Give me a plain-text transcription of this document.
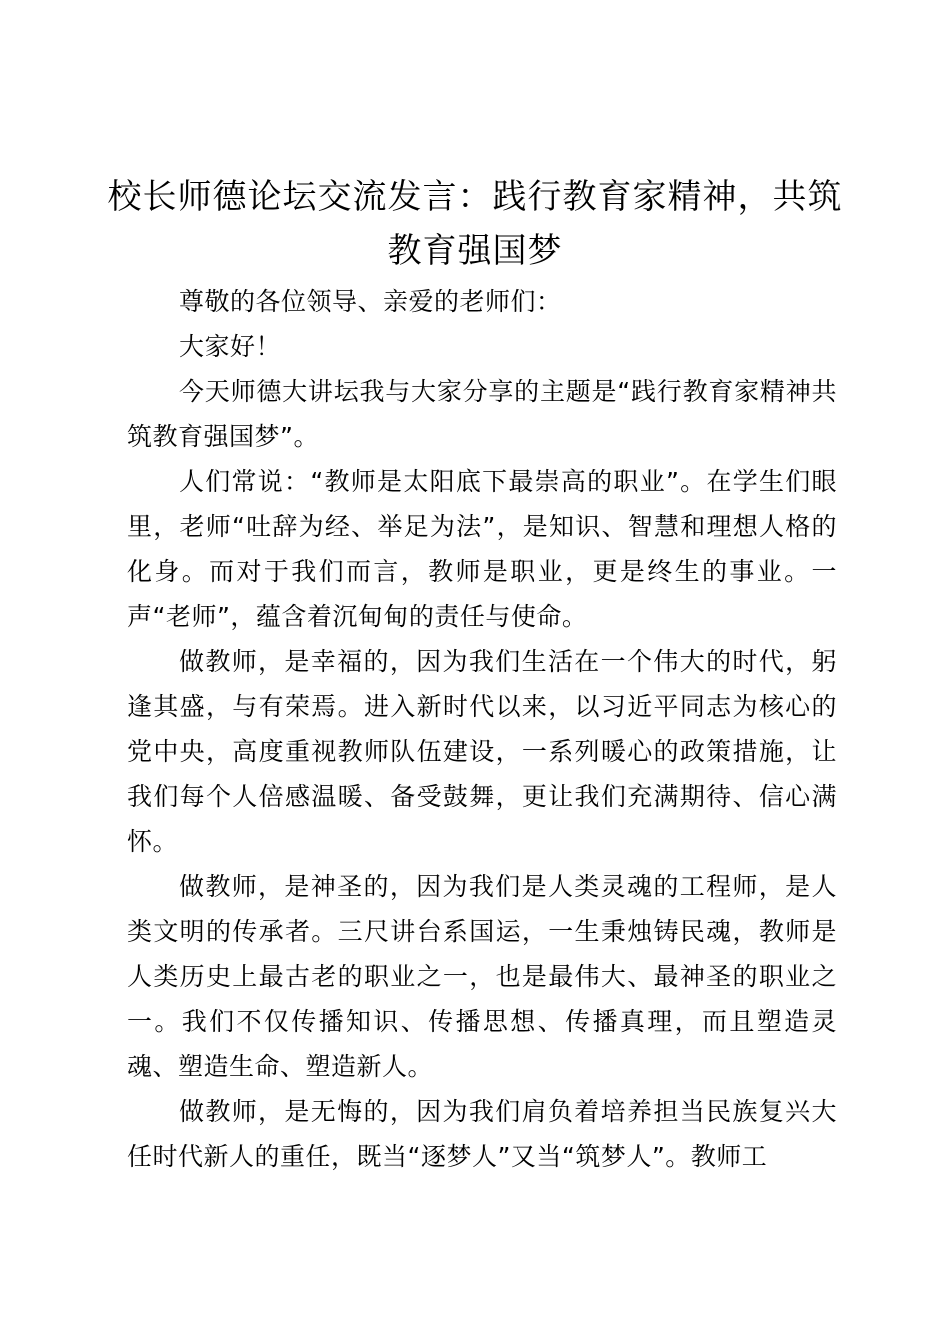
校长师德论坛交流发言：践行教育家精神，共筑教育强国梦

尊敬的各位领导、亲爱的老师们：

大家好！

今天师德大讲坛我与大家分享的主题是“践行教育家精神共筑教育强国梦”。

人们常说：“教师是太阳底下最崇高的职业”。在学生们眼里，老师“吐辞为经、举足为法”，是知识、智慧和理想人格的化身。而对于我们而言，教师是职业，更是终生的事业。一声“老师”，蕴含着沉甸甸的责任与使命。

做教师，是幸福的，因为我们生活在一个伟大的时代，躬逢其盛，与有荣焉。进入新时代以来，以习近平同志为核心的党中央，高度重视教师队伍建设，一系列暖心的政策措施，让我们每个人倍感温暖、备受鼓舞，更让我们充满期待、信心满怀。

做教师，是神圣的，因为我们是人类灵魂的工程师，是人类文明的传承者。三尺讲台系国运，一生秉烛铸民魂，教师是人类历史上最古老的职业之一，也是最伟大、最神圣的职业之一。我们不仅传播知识、传播思想、传播真理，而且塑造灵魂、塑造生命、塑造新人。

做教师，是无悔的，因为我们肩负着培养担当民族复兴大任时代新人的重任，既当“逐梦人”又当“筑梦人”。教师工
